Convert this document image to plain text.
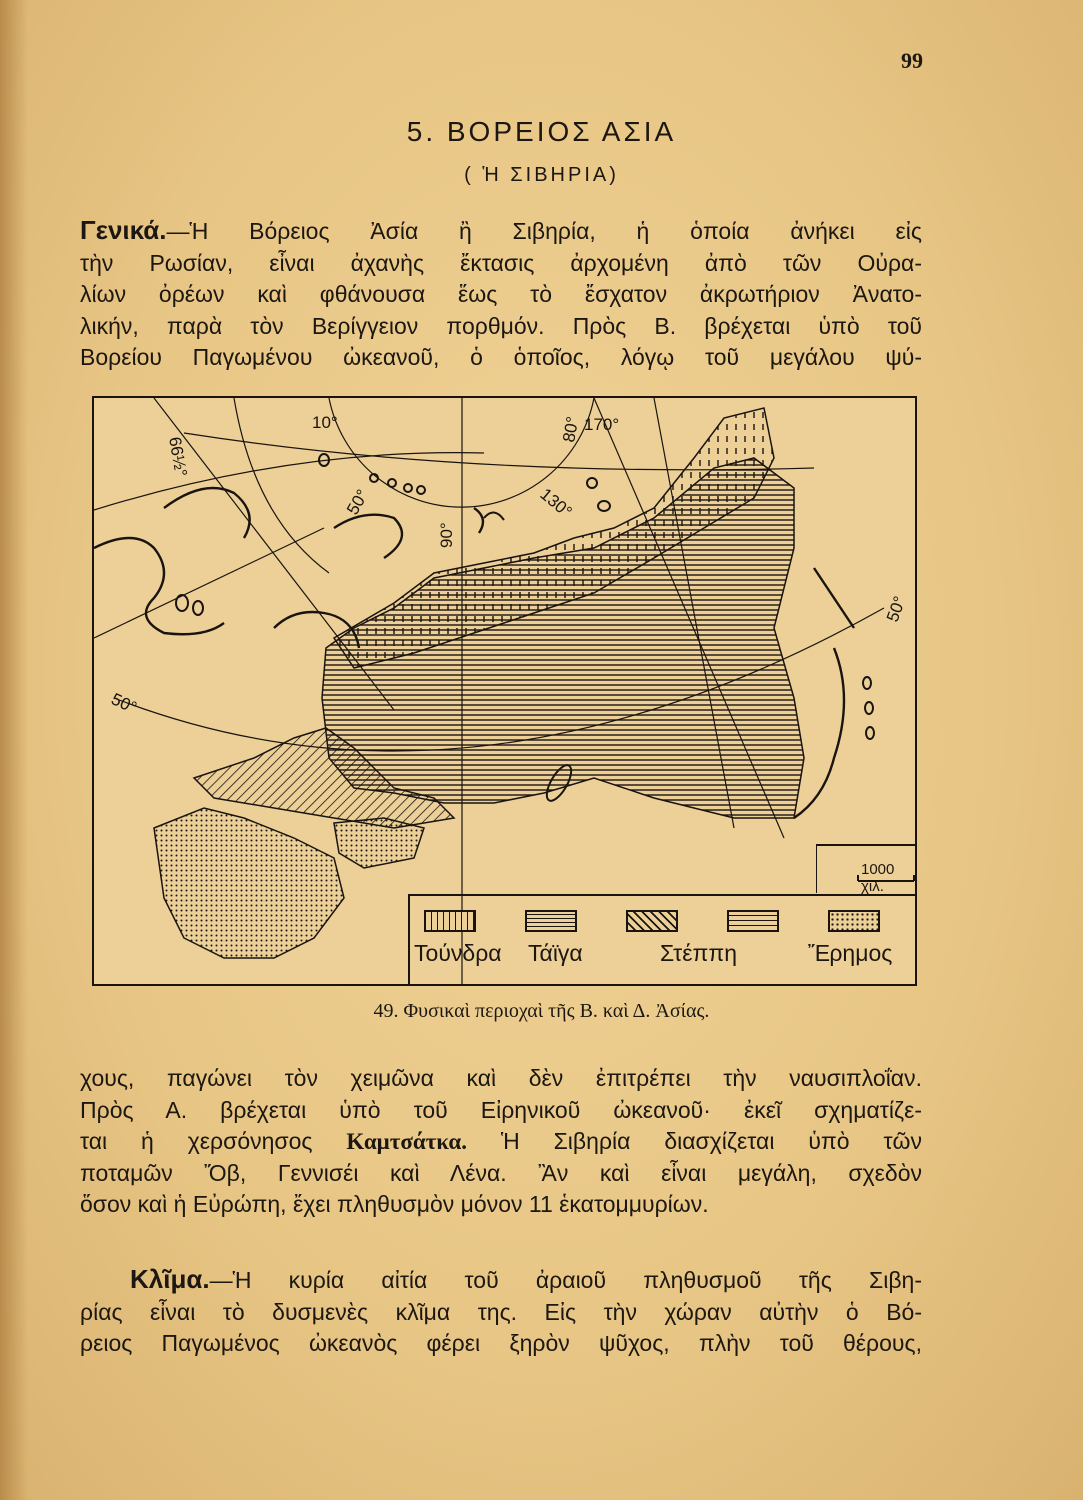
99
5. ΒΟΡΕΙΟΣ ΑΣΙΑ
( Ἡ ΣΙΒΗΡΙΑ)
Γενικά.—Ἡ Βόρειος Ἀσία ἢ Σιβηρία, ἡ ὁποία ἀνήκει εἰς
τὴν Ρωσίαν, εἶναι ἀχανὴς ἔκτασις ἀρχομένη ἀπὸ τῶν Οὐρα-
λίων ὀρέων καὶ φθάνουσα ἕως τὸ ἔσχατον ἀκρωτήριον Ἀνατο-
λικήν, παρὰ τὸν Βερίγγειον πορθμόν. Πρὸς Β. βρέχεται ὑπὸ τοῦ
Βορείου Παγωμένου ὠκεανοῦ, ὁ ὁποῖος, λόγῳ τοῦ μεγάλου ψύ-
66½°
10°
50°
90°
80° 170°
130°
50°
50°
1000 χιλ.
Τούνδρα Τάϊγα	Στέππη	Ἔρημος
49. Φυσικαὶ περιοχαὶ τῆς Β. καὶ Δ. Ἀσίας.
χους, παγώνει τὸν χειμῶνα καὶ δὲν ἐπιτρέπει τὴν ναυσιπλοΐαν.
Πρὸς Α. βρέχεται ὑπὸ τοῦ Εἰρηνικοῦ ὠκεανοῦ· ἐκεῖ σχηματίζε-
ται ἡ χερσόνησος Καμτσάτκα. Ἡ Σιβηρία διασχίζεται ὑπὸ τῶν
ποταμῶν Ὄβ, Γεννισέι καὶ Λένα. Ἂν καὶ εἶναι μεγάλη, σχεδὸν
ὅσον καὶ ἡ Εὐρώπη, ἔχει πληθυσμὸν μόνον 11 ἑκατομμυρίων.
Κλῖμα.—Ἡ κυρία αἰτία τοῦ ἀραιοῦ πληθυσμοῦ τῆς Σιβη-
ρίας εἶναι τὸ δυσμενὲς κλῖμα της. Εἰς τὴν χώραν αὐτὴν ὁ Βό-
ρειος Παγωμένος ὠκεανὸς φέρει ξηρὸν ψῦχος, πλὴν τοῦ θέρους,
